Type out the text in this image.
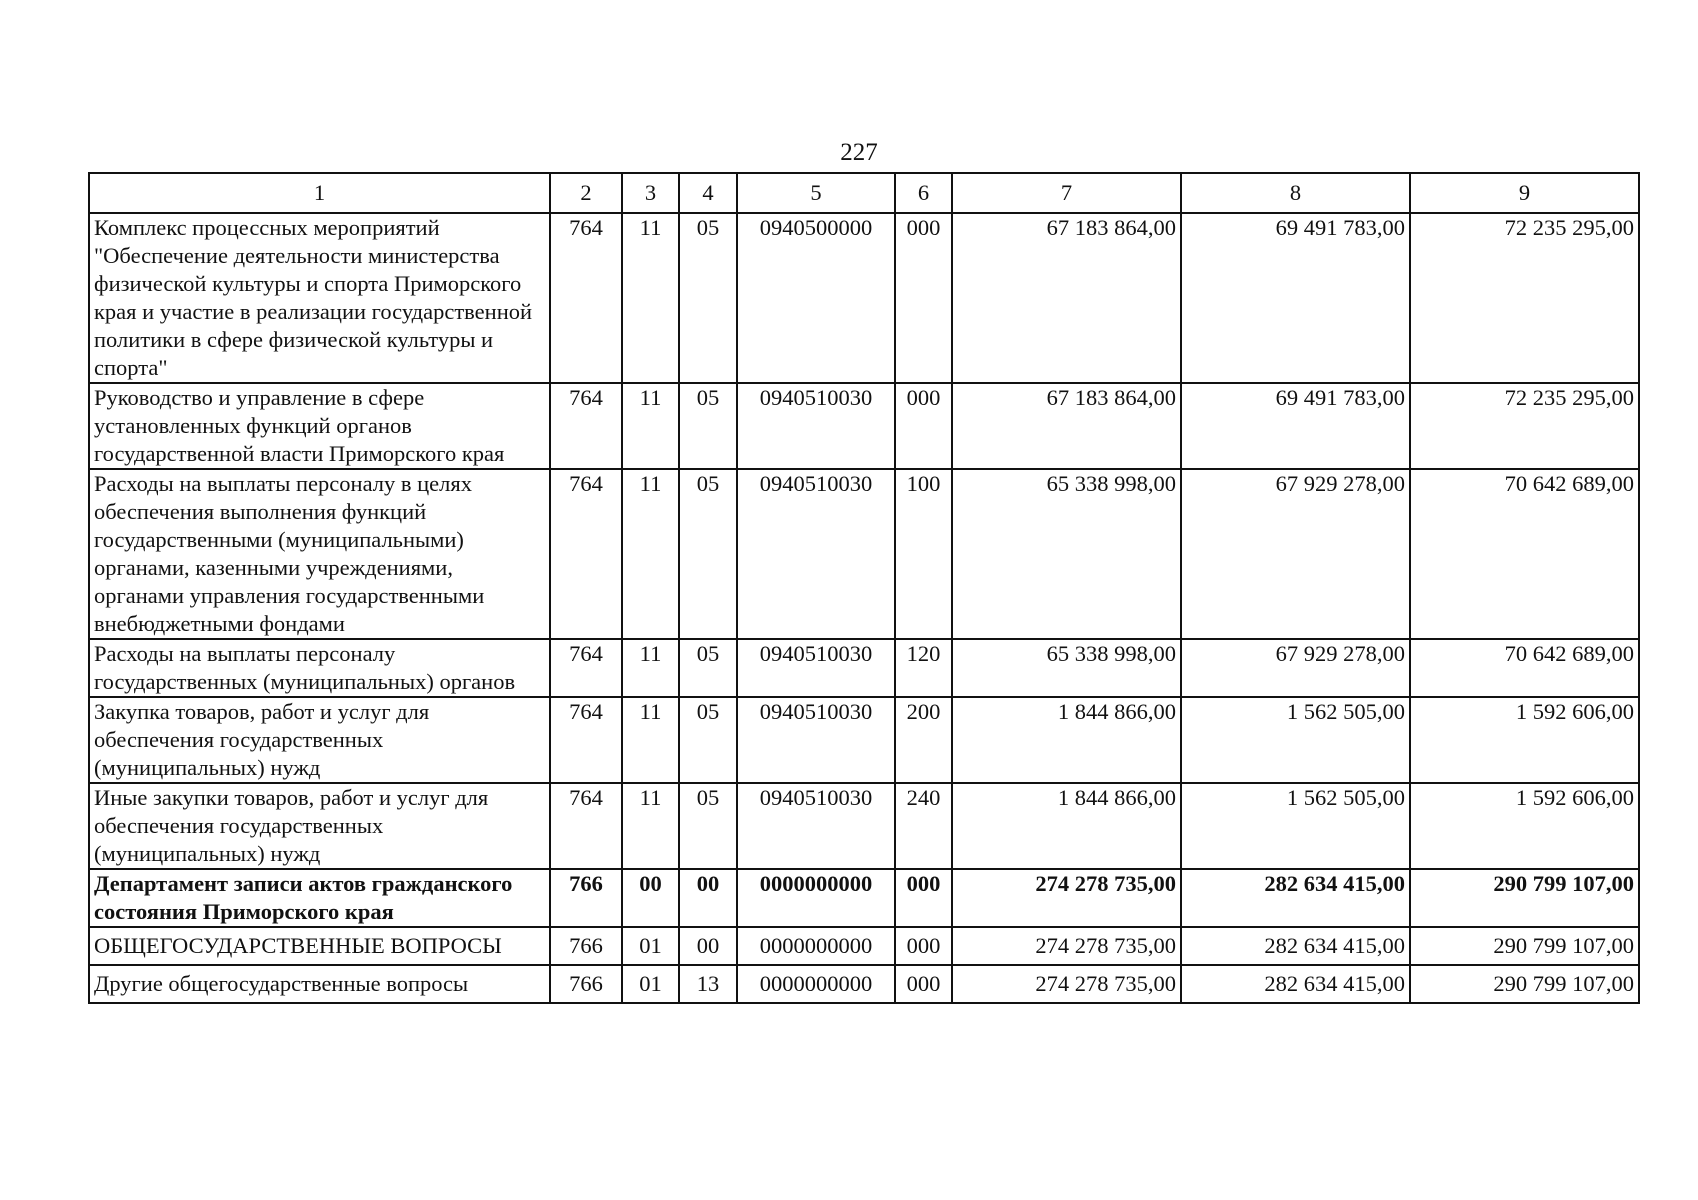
227
1	2	3	4	5	6	7	8	9
Комплекс процессных мероприятий "Обеспечение деятельности министерства физической культуры и спорта Приморского края и участие в реализации государственной политики в сфере физической культуры и спорта"	764	11	05	0940500000	000	67 183 864,00	69 491 783,00	72 235 295,00
Руководство и управление в сфере установленных функций органов государственной власти Приморского края	764	11	05	0940510030	000	67 183 864,00	69 491 783,00	72 235 295,00
Расходы на выплаты персоналу в целях обеспечения выполнения функций государственными (муниципальными) органами, казенными учреждениями, органами управления государственными внебюджетными фондами	764	11	05	0940510030	100	65 338 998,00	67 929 278,00	70 642 689,00
Расходы на выплаты персоналу государственных (муниципальных) органов	764	11	05	0940510030	120	65 338 998,00	67 929 278,00	70 642 689,00
Закупка товаров, работ и услуг для обеспечения государственных (муниципальных) нужд	764	11	05	0940510030	200	1 844 866,00	1 562 505,00	1 592 606,00
Иные закупки товаров, работ и услуг для обеспечения государственных (муниципальных) нужд	764	11	05	0940510030	240	1 844 866,00	1 562 505,00	1 592 606,00
Департамент записи актов гражданского состояния Приморского края	766	00	00	0000000000	000	274 278 735,00	282 634 415,00	290 799 107,00
ОБЩЕГОСУДАРСТВЕННЫЕ ВОПРОСЫ	766	01	00	0000000000	000	274 278 735,00	282 634 415,00	290 799 107,00
Другие общегосударственные вопросы	766	01	13	0000000000	000	274 278 735,00	282 634 415,00	290 799 107,00
